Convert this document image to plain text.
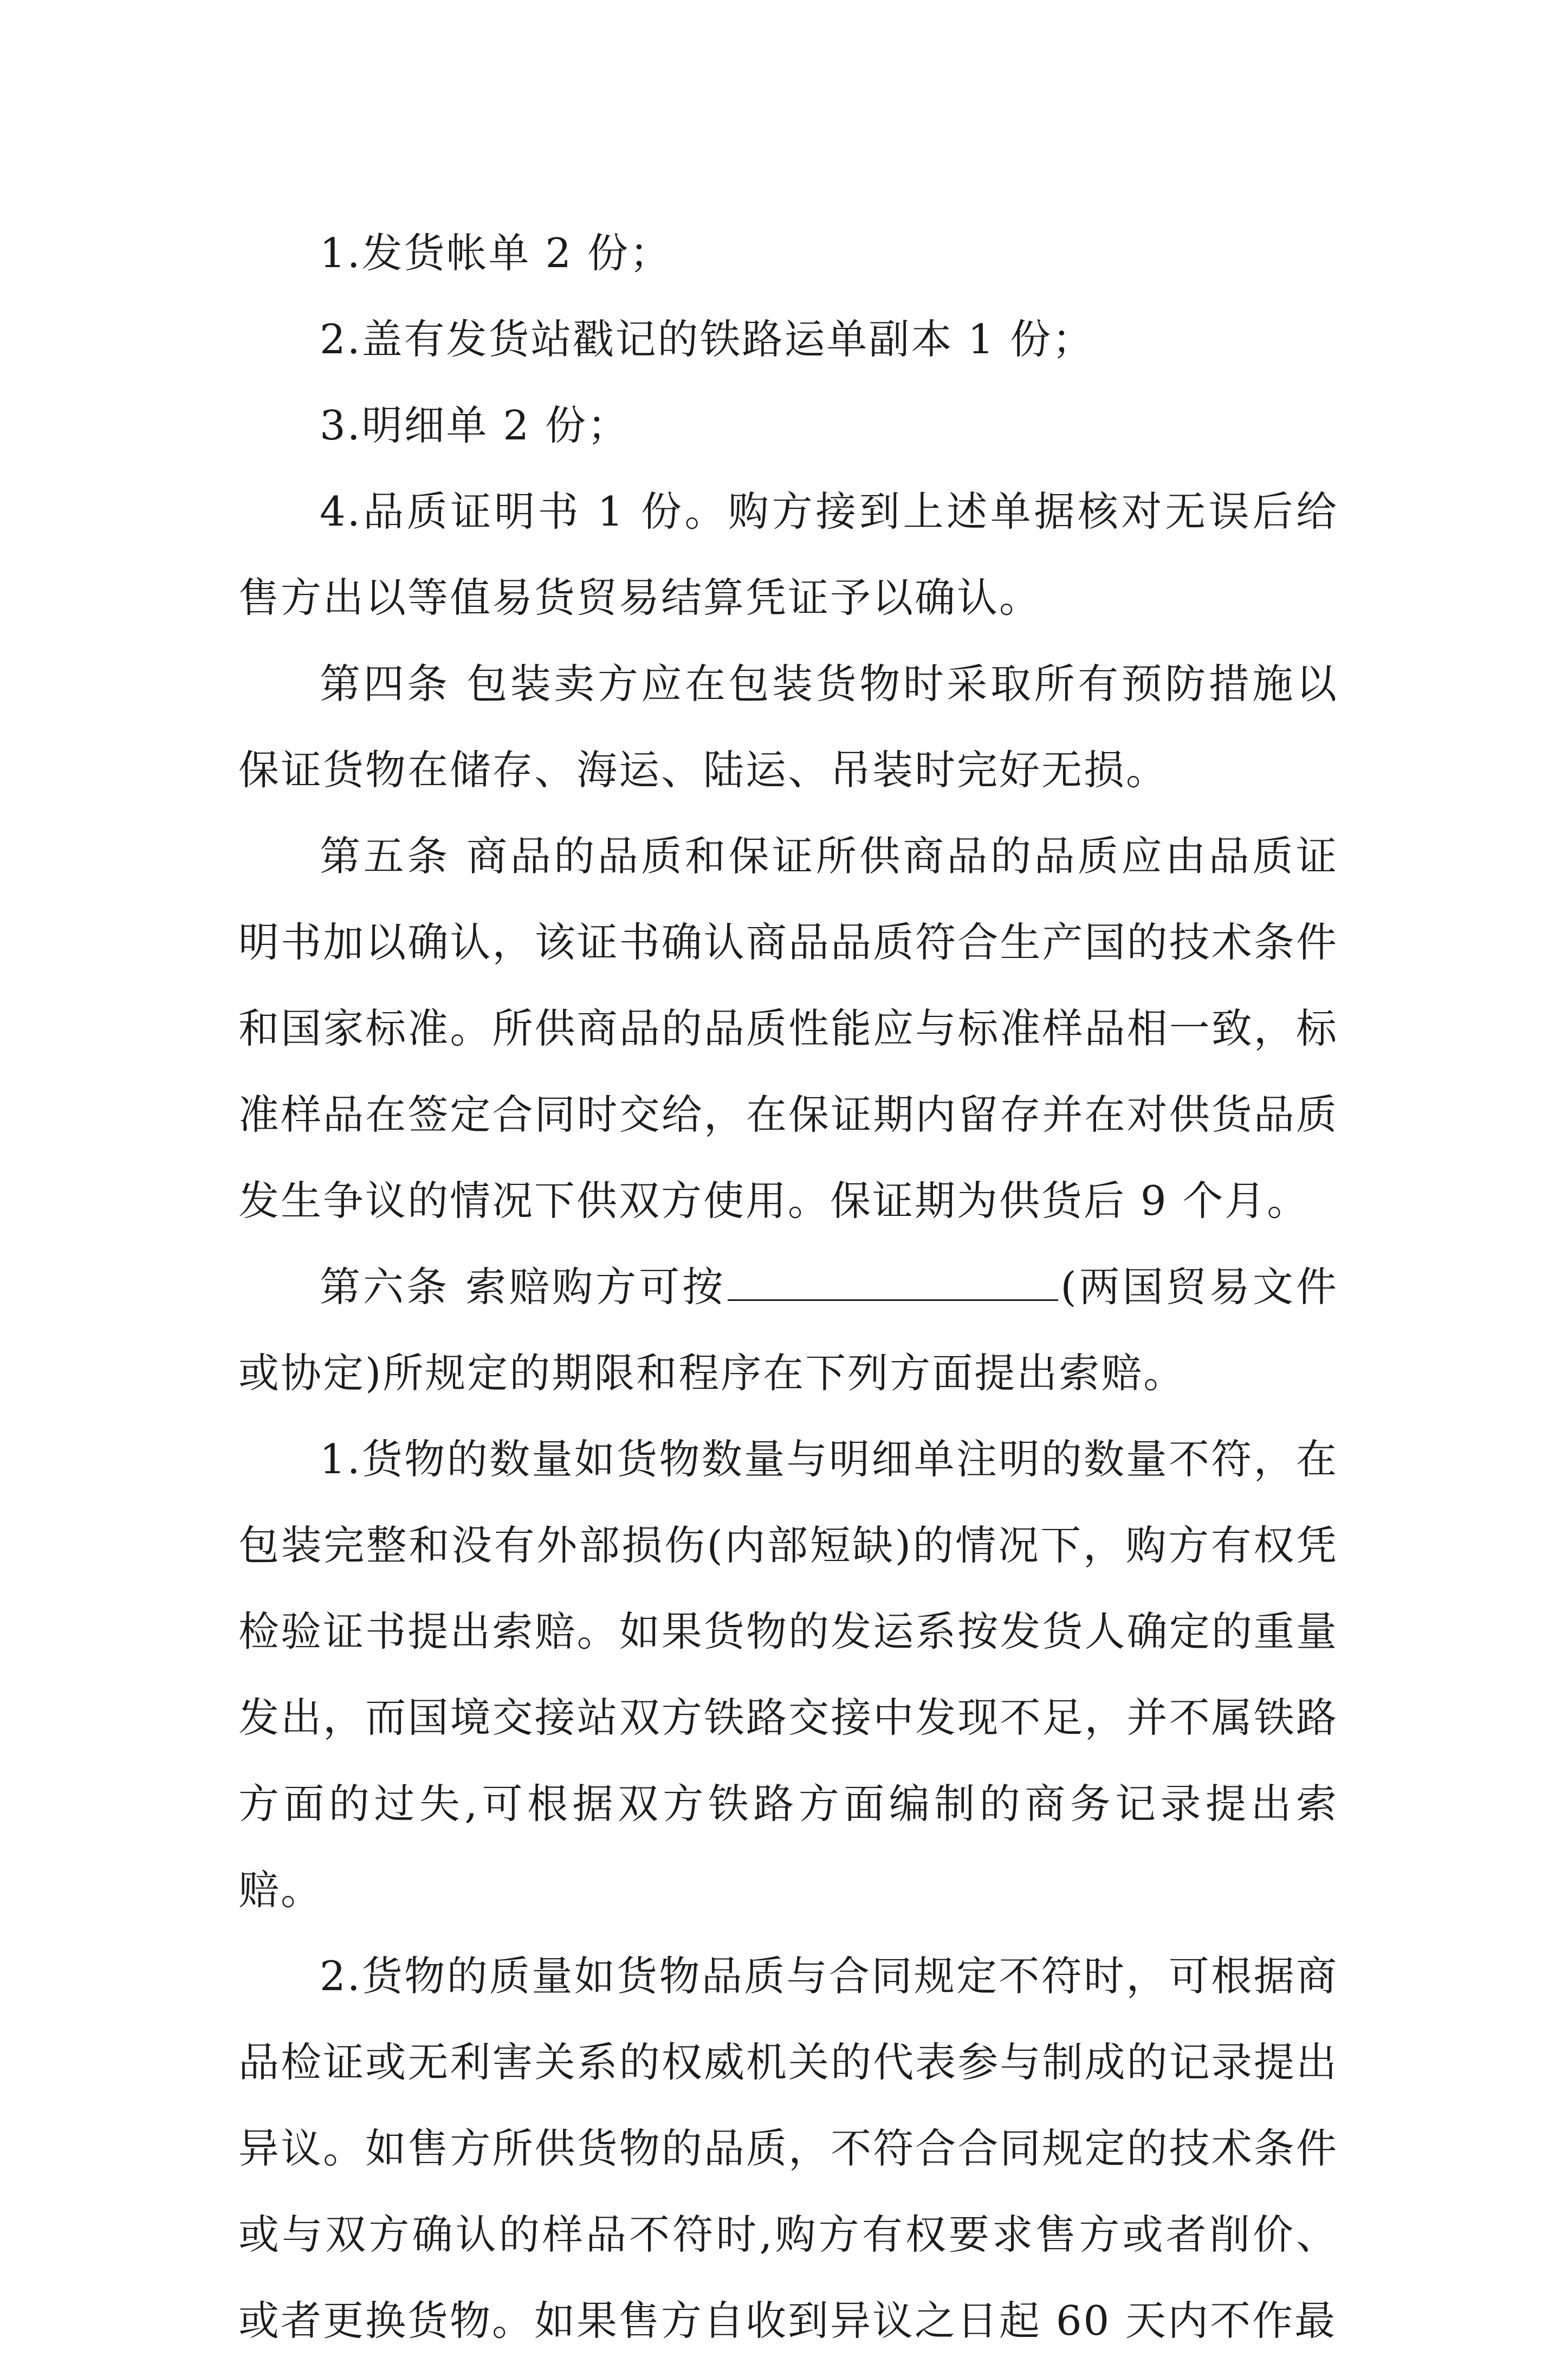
1.发货帐单 2 份；

2.盖有发货站戳记的铁路运单副本 1 份；

3.明细单 2 份；

4.品质证明书 1 份。购方接到上述单据核对无误后给售方出以等值易货贸易结算凭证予以确认。

第四条 包装卖方应在包装货物时采取所有预防措施以保证货物在储存、海运、陆运、吊装时完好无损。

第五条 商品的品质和保证所供商品的品质应由品质证明书加以确认，该证书确认商品品质符合生产国的技术条件和国家标准。所供商品的品质性能应与标准样品相一致，标准样品在签定合同时交给，在保证期内留存并在对供货品质发生争议的情况下供双方使用。保证期为供货后 9 个月。

第六条 索赔购方可按	(两国贸易文件或协定)所规定的期限和程序在下列方面提出索赔。

1.货物的数量如货物数量与明细单注明的数量不符，在包装完整和没有外部损伤(内部短缺)的情况下，购方有权凭检验证书提出索赔。如果货物的发运系按发货人确定的重量发出，而国境交接站双方铁路交接中发现不足，并不属铁路方面的过失,可根据双方铁路方面编制的商务记录提出索赔。

2.货物的质量如货物品质与合同规定不符时，可根据商品检证或无利害关系的权威机关的代表参与制成的记录提出异议。如售方所供货物的品质，不符合合同规定的技术条件或与双方确认的样品不符时,购方有权要求售方或者削价、或者更换货物。如果售方自收到异议之日起 60 天内不作最
